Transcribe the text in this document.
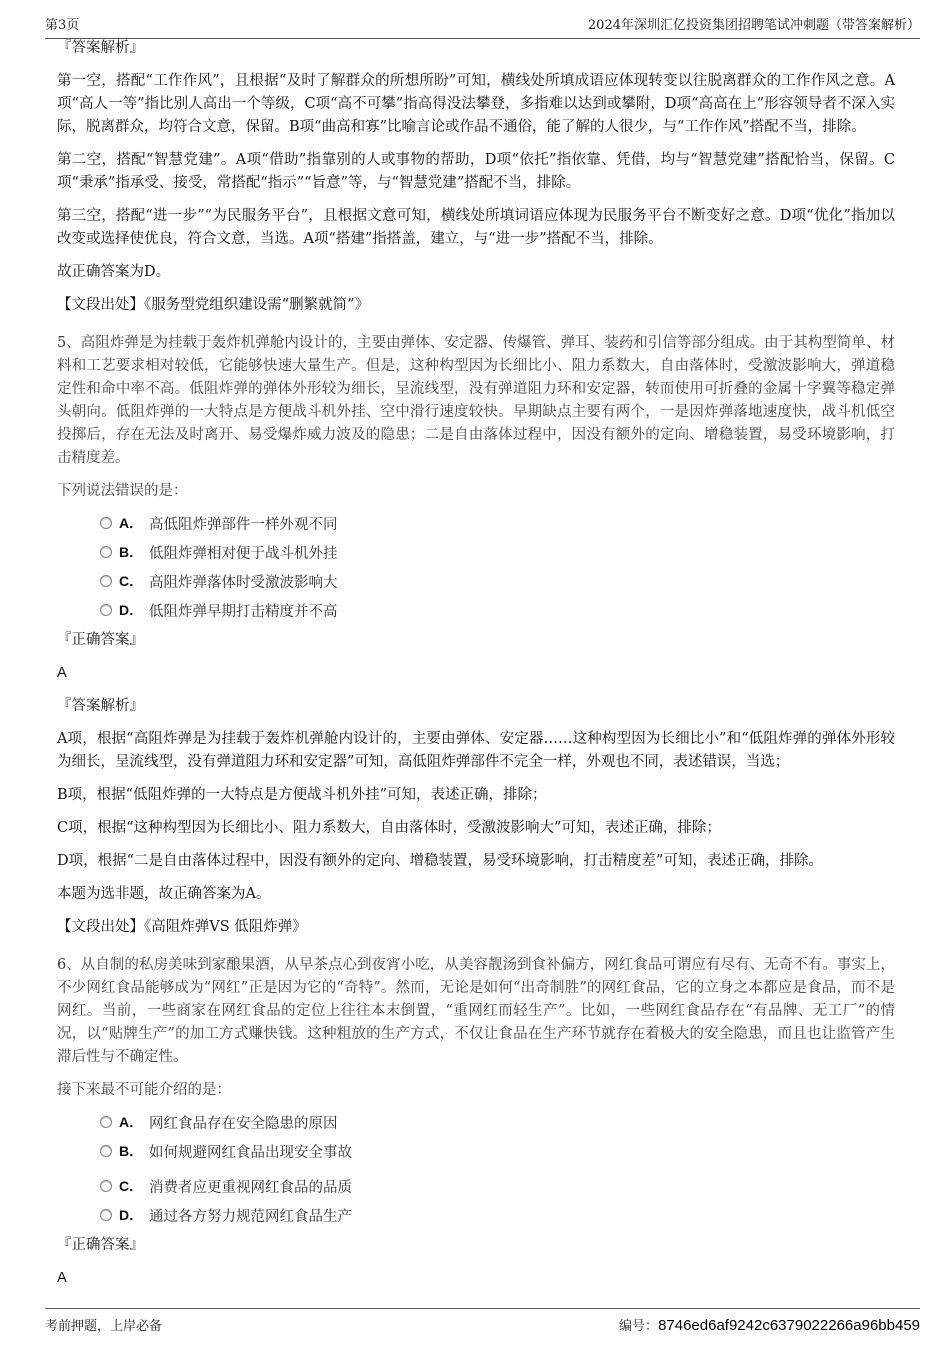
第3页	2024年深圳汇亿投资集团招聘笔试冲刺题（带答案解析）

『答案解析』

第一空，搭配“工作作风”，且根据“及时了解群众的所想所盼”可知，横线处所填成语应体现转变以往脱离群众的工作作风之意。A项“高人一等”指比别人高出一个等级，C项“高不可攀”指高得没法攀登，多指难以达到或攀附，D项“高高在上”形容领导者不深入实际，脱离群众，均符合文意，保留。B项“曲高和寡”比喻言论或作品不通俗，能了解的人很少，与“工作作风”搭配不当，排除。

第二空，搭配“智慧党建”。A项“借助”指靠别的人或事物的帮助，D项“依托”指依靠、凭借，均与“智慧党建”搭配恰当，保留。C项“秉承”指承受、接受，常搭配“指示”“旨意”等，与“智慧党建”搭配不当，排除。

第三空，搭配“进一步”“为民服务平台”，且根据文意可知，横线处所填词语应体现为民服务平台不断变好之意。D项“优化”指加以改变或选择使优良，符合文意，当选。A项“搭建”指搭盖，建立，与“进一步”搭配不当，排除。

故正确答案为D。

【文段出处】《服务型党组织建设需“删繁就简”》

5、高阻炸弹是为挂载于轰炸机弹舱内设计的，主要由弹体、安定器、传爆管、弹耳、装药和引信等部分组成。由于其构型简单、材料和工艺要求相对较低，它能够快速大量生产。但是，这种构型因为长细比小、阻力系数大，自由落体时，受激波影响大，弹道稳定性和命中率不高。低阻炸弹的弹体外形较为细长，呈流线型，没有弹道阻力环和安定器，转而使用可折叠的金属十字翼等稳定弹头朝向。低阻炸弹的一大特点是方便战斗机外挂、空中滑行速度较快。早期缺点主要有两个，一是因炸弹落地速度快，战斗机低空投掷后，存在无法及时离开、易受爆炸威力波及的隐患；二是自由落体过程中，因没有额外的定向、增稳装置，易受环境影响，打击精度差。

下列说法错误的是：

A． 高低阻炸弹部件一样外观不同
B． 低阻炸弹相对便于战斗机外挂
C． 高阻炸弹落体时受激波影响大
D． 低阻炸弹早期打击精度并不高

『正确答案』

A

『答案解析』

A项，根据“高阻炸弹是为挂载于轰炸机弹舱内设计的，主要由弹体、安定器……这种构型因为长细比小”和“低阻炸弹的弹体外形较为细长，呈流线型，没有弹道阻力环和安定器”可知，高低阻炸弹部件不完全一样，外观也不同，表述错误，当选；

B项，根据“低阻炸弹的一大特点是方便战斗机外挂”可知，表述正确，排除；

C项，根据“这种构型因为长细比小、阻力系数大，自由落体时，受激波影响大”可知，表述正确，排除；

D项，根据“二是自由落体过程中，因没有额外的定向、增稳装置，易受环境影响，打击精度差”可知，表述正确，排除。

本题为选非题，故正确答案为A。

【文段出处】《高阻炸弹VS 低阻炸弹》

6、从自制的私房美味到家酿果酒，从早茶点心到夜宵小吃，从美容靓汤到食补偏方，网红食品可谓应有尽有、无奇不有。事实上，不少网红食品能够成为“网红”正是因为它的“奇特”。然而，无论是如何“出奇制胜”的网红食品，它的立身之本都应是食品，而不是网红。当前，一些商家在网红食品的定位上往往本末倒置，“重网红而轻生产”。比如，一些网红食品存在“有品牌、无工厂”的情况，以“贴牌生产”的加工方式赚快钱。这种粗放的生产方式，不仅让食品在生产环节就存在着极大的安全隐患，而且也让监管产生滞后性与不确定性。

接下来最不可能介绍的是：

A． 网红食品存在安全隐患的原因
B． 如何规避网红食品出现安全事故
C． 消费者应更重视网红食品的品质
D． 通过各方努力规范网红食品生产

『正确答案』

A

考前押题，上岸必备	编号：8746ed6af9242c6379022266a96bb459
